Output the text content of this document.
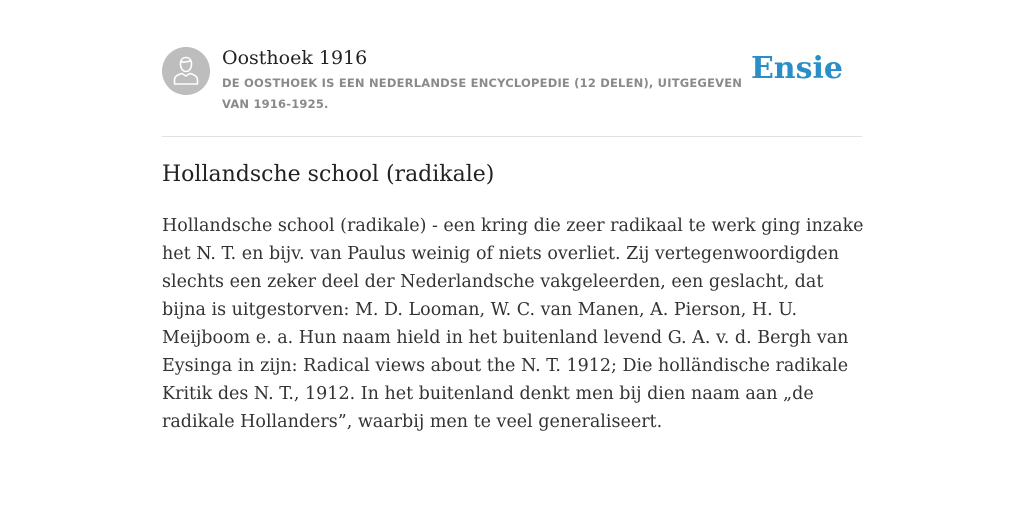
Oosthoek 1916
DE OOSTHOEK IS EEN NEDERLANDSE ENCYCLOPEDIE (12 DELEN), UITGEGEVEN VAN 1916-1925.
Ensie
Hollandsche school (radikale)

Hollandsche school (radikale) - een kring die zeer radikaal te werk ging inzake het N. T. en bijv. van Paulus weinig of niets overliet. Zij vertegenwoordigden slechts een zeker deel der Nederlandsche vakgeleerden, een geslacht, dat bijna is uitgestorven: M. D. Looman, W. C. van Manen, A. Pierson, H. U. Meijboom e. a. Hun naam hield in het buitenland levend G. A. v. d. Bergh van Eysinga in zijn: Radical views about the N. T. 1912; Die holländische radikale Kritik des N. T., 1912. In het buitenland denkt men bij dien naam aan „de radikale Hollanders”, waarbij men te veel generaliseert.
